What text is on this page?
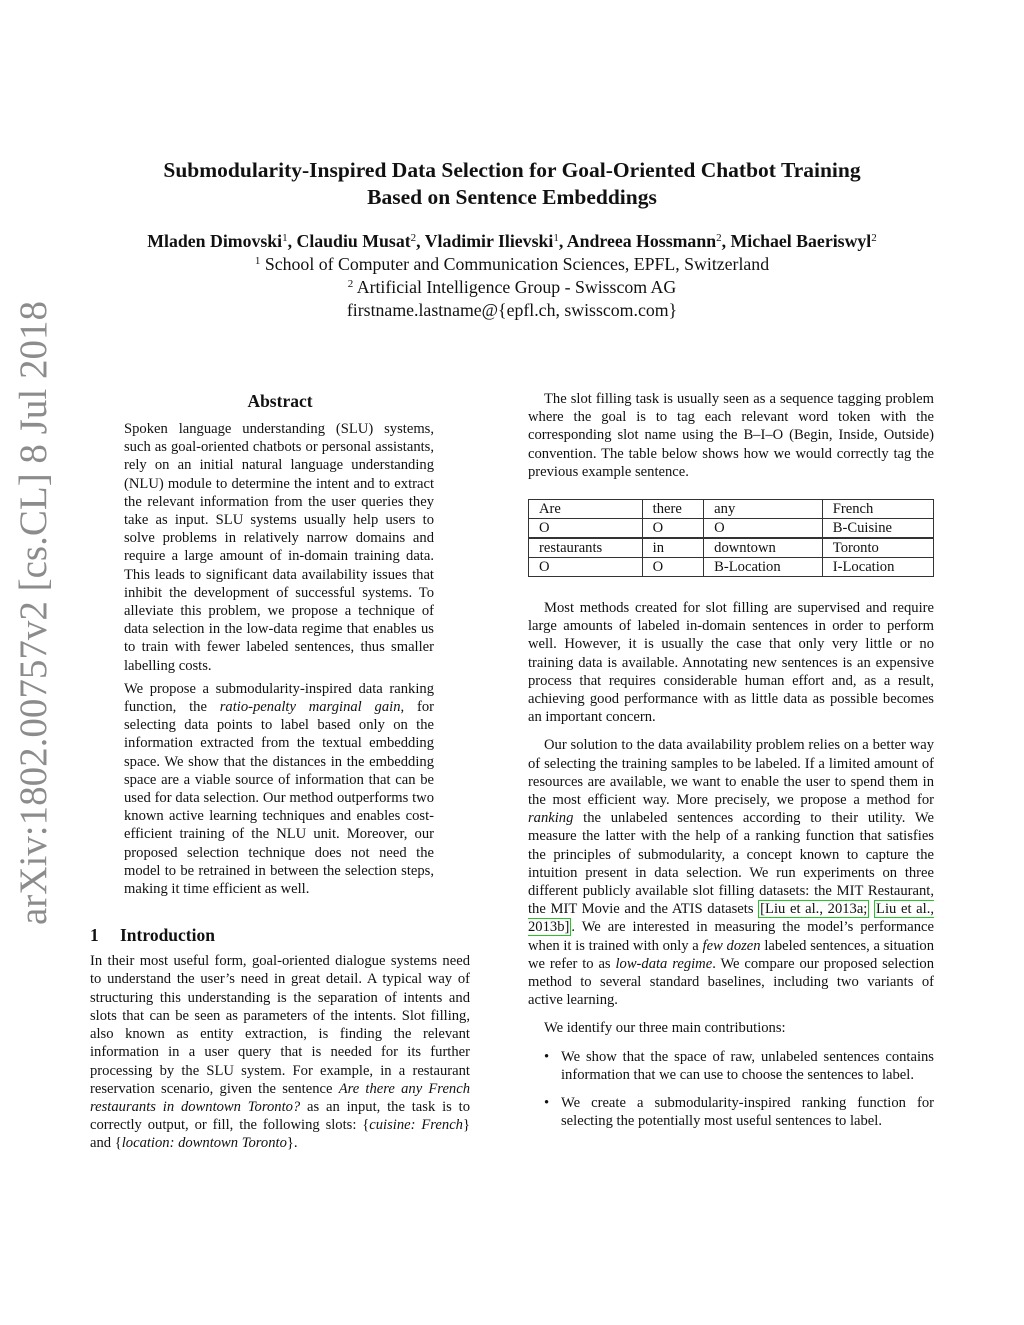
arXiv:1802.00757v2 [cs.CL] 8 Jul 2018
Submodularity-Inspired Data Selection for Goal-Oriented Chatbot Training
Based on Sentence Embeddings
Mladen Dimovski$^1$, Claudiu Musat$^2$, Vladimir Ilievski$^1$, Andreea Hossmann$^2$, Michael Baeriswyl$^2$
$^1$ School of Computer and Communication Sciences, EPFL, Switzerland
$^2$ Artificial Intelligence Group - Swisscom AG
firstname.lastname@{epfl.ch, swisscom.com}
Abstract

Spoken language understanding (SLU) systems, such as goal-oriented chatbots or personal assistants, rely on an initial natural language understanding (NLU) module to determine the intent and to extract the relevant information from the user queries they take as input. SLU systems usually help users to solve problems in relatively narrow domains and require a large amount of in-domain training data. This leads to significant data availability issues that inhibit the development of successful systems. To alleviate this problem, we propose a technique of data selection in the low-data regime that enables us to train with fewer labeled sentences, thus smaller labelling costs.

We propose a submodularity-inspired data ranking function, the ratio-penalty marginal gain, for selecting data points to label based only on the information extracted from the textual embedding space. We show that the distances in the embedding space are a viable source of information that can be used for data selection. Our method outperforms two known active learning techniques and enables cost-efficient training of the NLU unit. Moreover, our proposed selection technique does not need the model to be retrained in between the selection steps, making it time efficient as well.

1 Introduction

In their most useful form, goal-oriented dialogue systems need to understand the user’s need in great detail. A typical way of structuring this understanding is the separation of intents and slots that can be seen as parameters of the intents. Slot filling, also known as entity extraction, is finding the relevant information in a user query that is needed for its further processing by the SLU system. For example, in a restaurant reservation scenario, given the sentence Are there any French restaurants in downtown Toronto? as an input, the task is to correctly output, or fill, the following slots: {cuisine: French} and {location: downtown Toronto}.

The slot filling task is usually seen as a sequence tagging problem where the goal is to tag each relevant word token with the corresponding slot name using the B–I–O (Begin, Inside, Outside) convention. The table below shows how we would correctly tag the previous example sentence.

Are	there	any	French
O	O	O	B-Cuisine
restaurants	in	downtown	Toronto
O	O	B-Location	I-Location

Most methods created for slot filling are supervised and require large amounts of labeled in-domain sentences in order to perform well. However, it is usually the case that only very little or no training data is available. Annotating new sentences is an expensive process that requires considerable human effort and, as a result, achieving good performance with as little data as possible becomes an important concern.

Our solution to the data availability problem relies on a better way of selecting the training samples to be labeled. If a limited amount of resources are available, we want to enable the user to spend them in the most efficient way. More precisely, we propose a method for ranking the unlabeled sentences according to their utility. We measure the latter with the help of a ranking function that satisfies the principles of submodularity, a concept known to capture the intuition present in data selection. We run experiments on three different publicly available slot filling datasets: the MIT Restaurant, the MIT Movie and the ATIS datasets [Liu et al., 2013a; Liu et al., 2013b] . We are interested in measuring the model’s performance when it is trained with only a few dozen labeled sentences, a situation we refer to as low-data regime. We compare our proposed selection method to several standard baselines, including two variants of active learning.

We identify our three main contributions:

• We show that the space of raw, unlabeled sentences contains information that we can use to choose the sentences to label.
• We create a submodularity-inspired ranking function for selecting the potentially most useful sentences to label.
